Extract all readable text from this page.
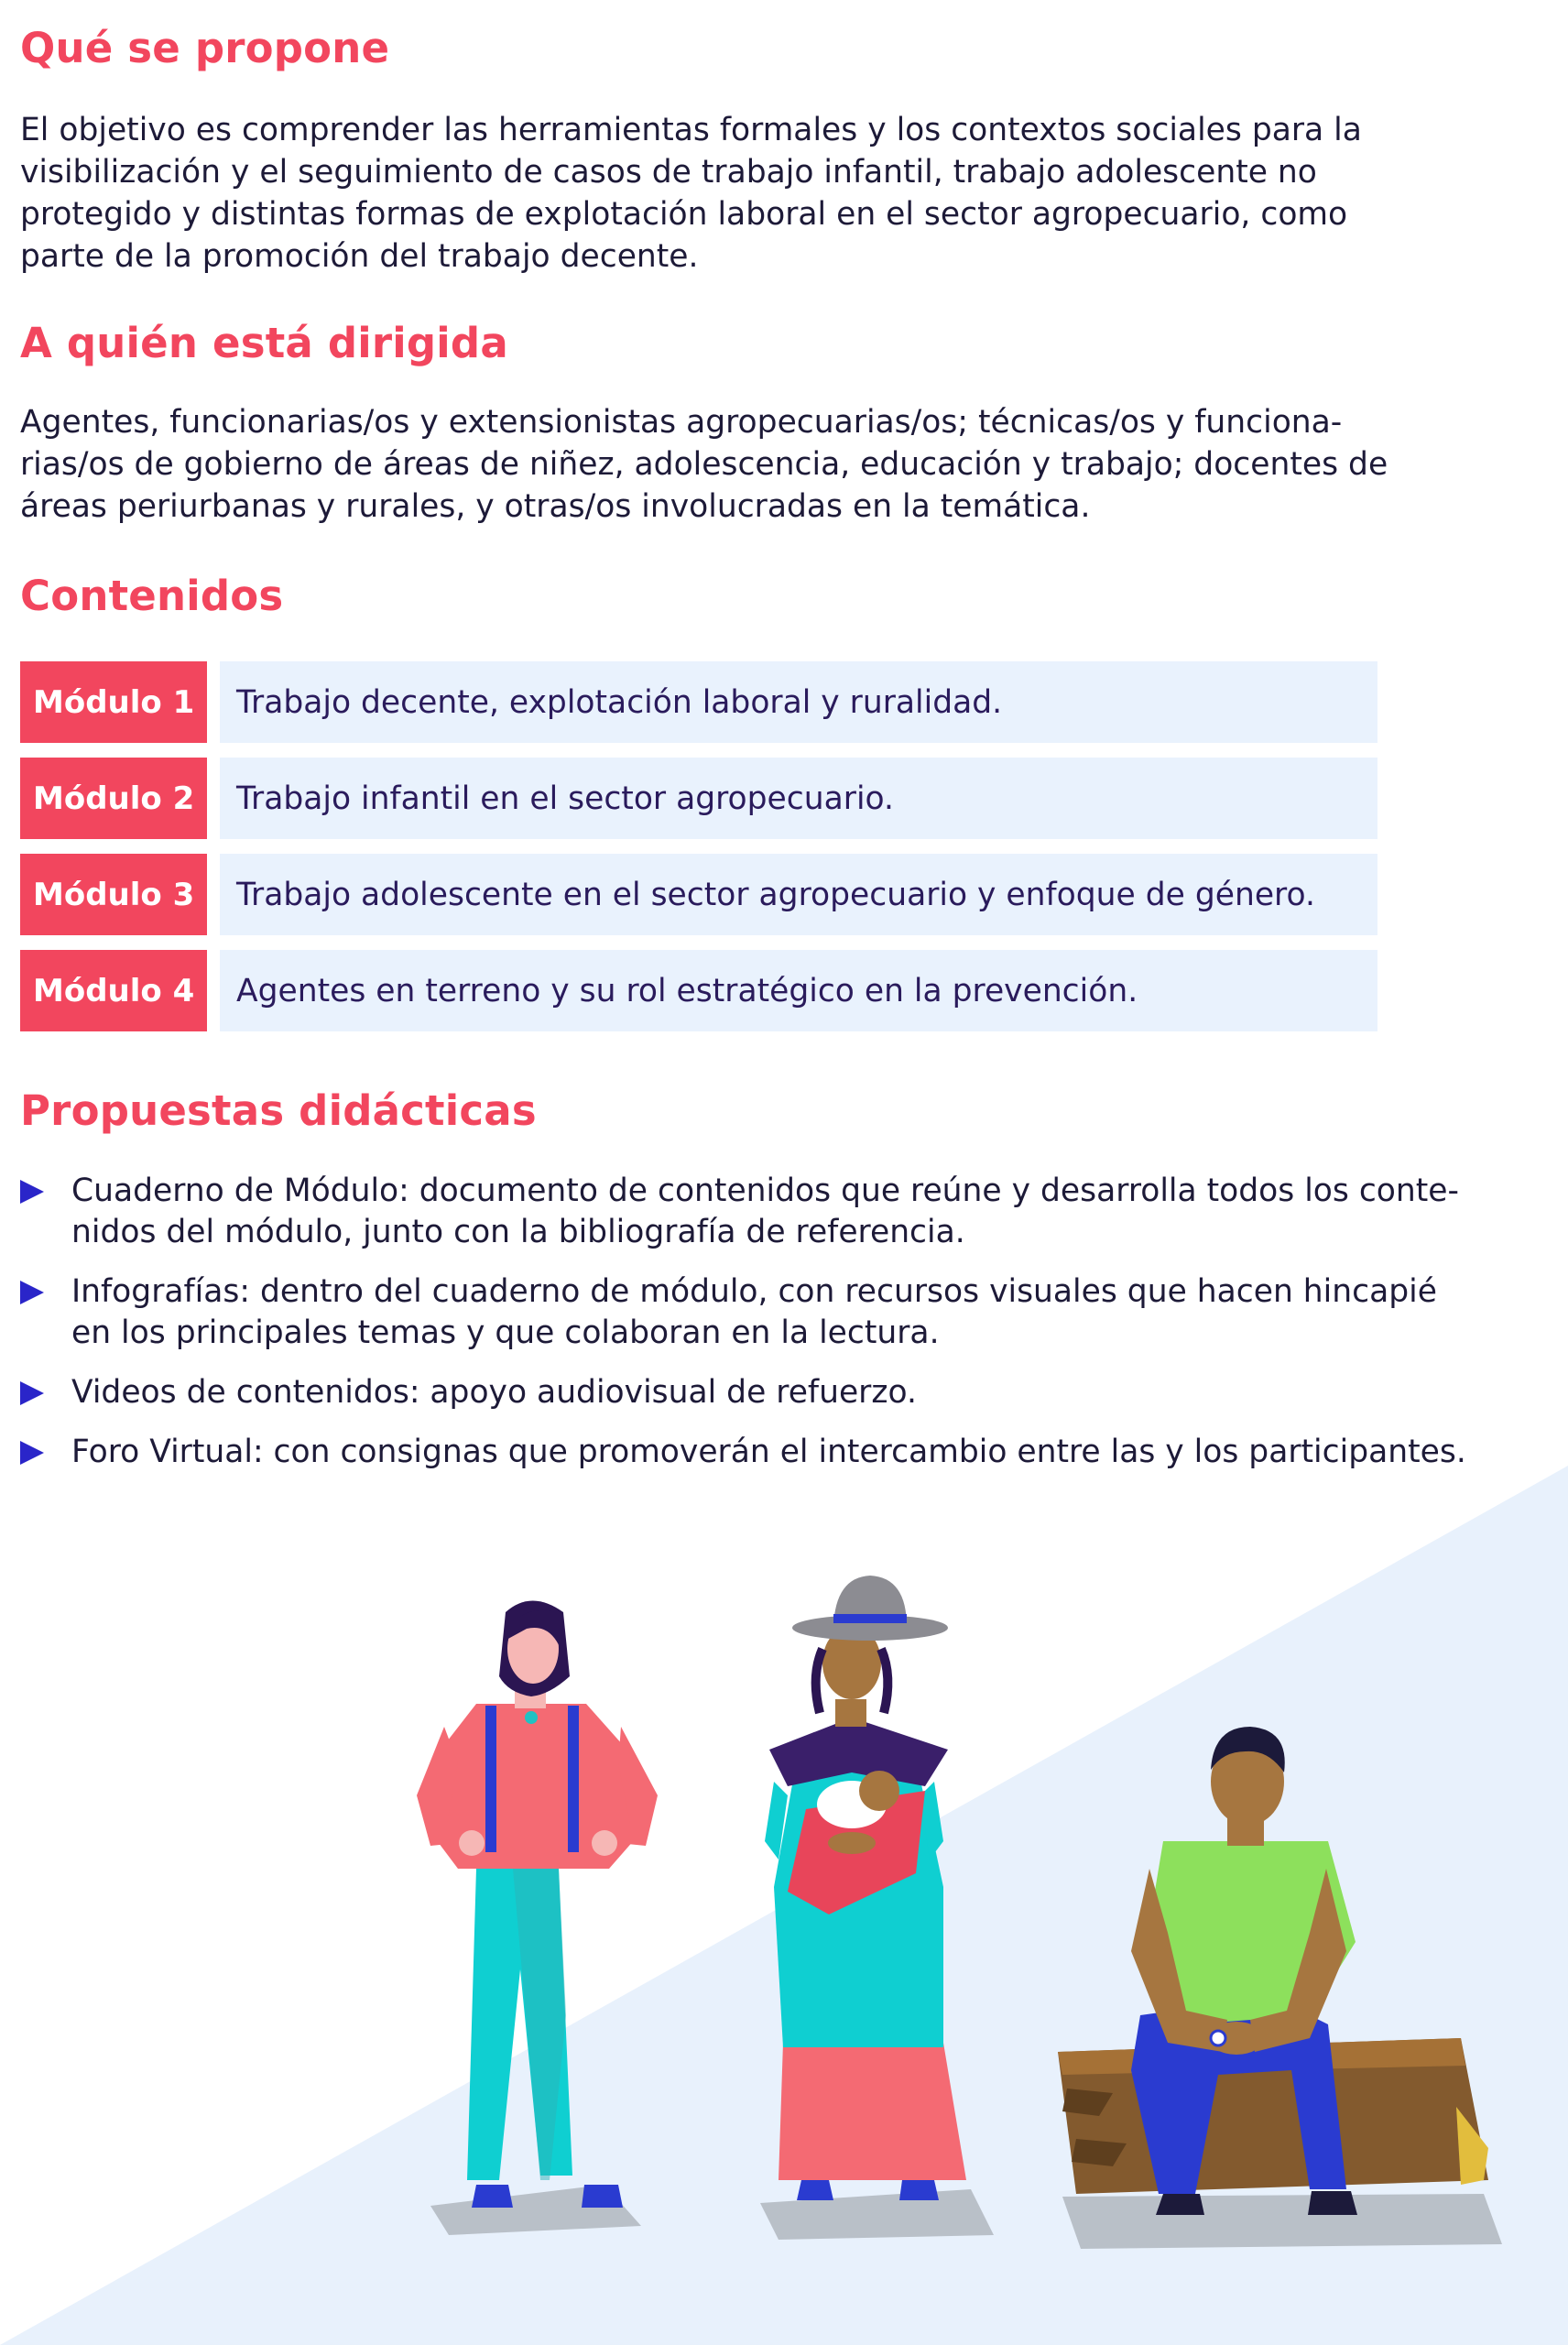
Qué se propone
El objetivo es comprender las herramientas formales y los contextos sociales para la
visibilización y el seguimiento de casos de trabajo infantil, trabajo adolescente no
protegido y distintas formas de explotación laboral en el sector agropecuario, como
parte de la promoción del trabajo decente.
A quién está dirigida
Agentes, funcionarias/os y extensionistas agropecuarias/os; técnicas/os y funciona-
rias/os de gobierno de áreas de niñez, adolescencia, educación y trabajo; docentes de
áreas periurbanas y rurales, y otras/os involucradas en la temática.
Contenidos
Módulo 1	Trabajo decente, explotación laboral y ruralidad.
Módulo 2	Trabajo infantil en el sector agropecuario.
Módulo 3	Trabajo adolescente en el sector agropecuario y enfoque de género.
Módulo 4	Agentes en terreno y su rol estratégico en la prevención.
Propuestas didácticas
Cuaderno de Módulo: documento de contenidos que reúne y desarrolla todos los conte-
nidos del módulo, junto con la bibliografía de referencia.
Infografías: dentro del cuaderno de módulo, con recursos visuales que hacen hincapié
en los principales temas y que colaboran en la lectura.
Videos de contenidos: apoyo audiovisual de refuerzo.
Foro Virtual: con consignas que promoverán el intercambio entre las y los participantes.
